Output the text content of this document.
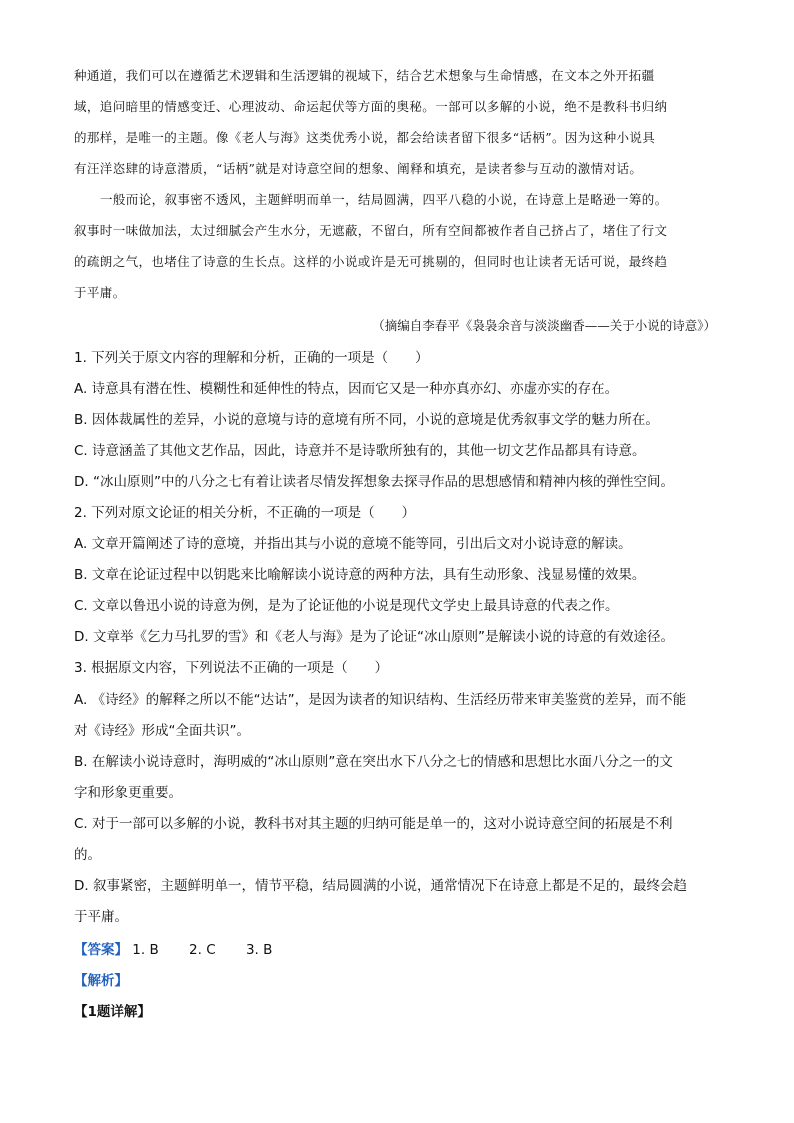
种通道，我们可以在遵循艺术逻辑和生活逻辑的视域下，结合艺术想象与生命情感，在文本之外开拓疆
域，追问暗里的情感变迁、心理波动、命运起伏等方面的奥秘。一部可以多解的小说，绝不是教科书归纳
的那样，是唯一的主题。像《老人与海》这类优秀小说，都会给读者留下很多“话柄”。因为这种小说具
有汪洋恣肆的诗意潜质，“话柄”就是对诗意空间的想象、阐释和填充，是读者参与互动的激情对话。
一般而论，叙事密不透风，主题鲜明而单一，结局圆满，四平八稳的小说，在诗意上是略逊一筹的。
叙事时一味做加法，太过细腻会产生水分，无遮蔽，不留白，所有空间都被作者自己挤占了，堵住了行文
的疏朗之气，也堵住了诗意的生长点。这样的小说或许是无可挑剔的，但同时也让读者无话可说，最终趋
于平庸。
（摘编自李春平《袅袅余音与淡淡幽香——关于小说的诗意》）
1. 下列关于原文内容的理解和分析，正确的一项是（　　）
A. 诗意具有潜在性、模糊性和延伸性的特点，因而它又是一种亦真亦幻、亦虚亦实的存在。
B. 因体裁属性的差异，小说的意境与诗的意境有所不同，小说的意境是优秀叙事文学的魅力所在。
C. 诗意涵盖了其他文艺作品，因此，诗意并不是诗歌所独有的，其他一切文艺作品都具有诗意。
D. “冰山原则”中的八分之七有着让读者尽情发挥想象去探寻作品的思想感情和精神内核的弹性空间。
2. 下列对原文论证的相关分析，不正确的一项是（　　）
A. 文章开篇阐述了诗的意境，并指出其与小说的意境不能等同，引出后文对小说诗意的解读。
B. 文章在论证过程中以钥匙来比喻解读小说诗意的两种方法，具有生动形象、浅显易懂的效果。
C. 文章以鲁迅小说的诗意为例，是为了论证他的小说是现代文学史上最具诗意的代表之作。
D. 文章举《乞力马扎罗的雪》和《老人与海》是为了论证“冰山原则”是解读小说的诗意的有效途径。
3. 根据原文内容，下列说法不正确的一项是（　　）
A. 《诗经》的解释之所以不能“达诂”，是因为读者的知识结构、生活经历带来审美鉴赏的差异，而不能
对《诗经》形成“全面共识”。
B. 在解读小说诗意时，海明威的“冰山原则”意在突出水下八分之七的情感和思想比水面八分之一的文
字和形象更重要。
C. 对于一部可以多解的小说，教科书对其主题的归纳可能是单一的，这对小说诗意空间的拓展是不利
的。
D. 叙事紧密，主题鲜明单一，情节平稳，结局圆满的小说，通常情况下在诗意上都是不足的，最终会趋
于平庸。
【答案】 1. B 2. C 3. B
【解析】
【1题详解】
